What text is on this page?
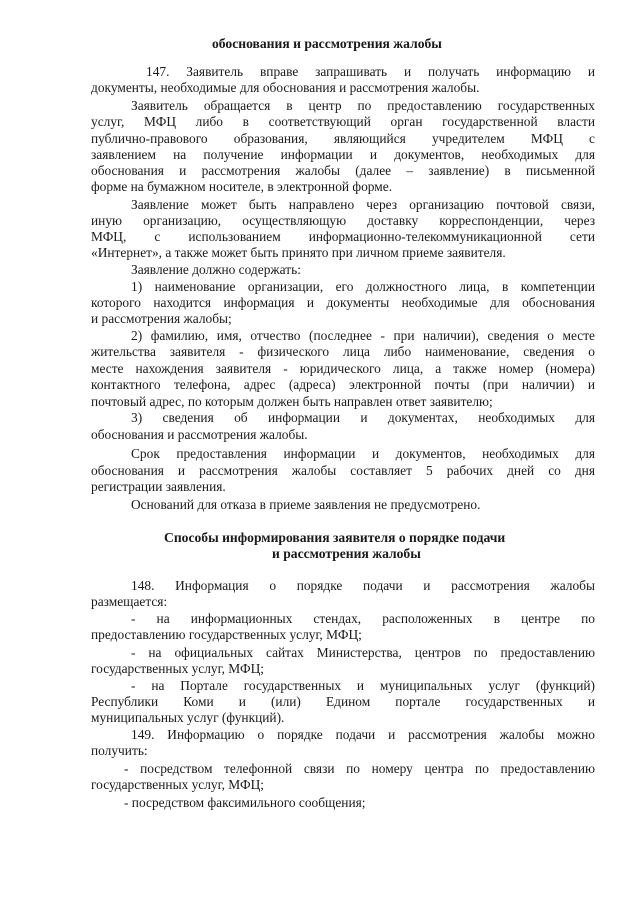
обоснования и рассмотрения жалобы
147. Заявитель вправе запрашивать и получать информацию и
документы, необходимые для обоснования и рассмотрения жалобы.
Заявитель обращается в центр по предоставлению государственных
услуг, МФЦ либо в соответствующий орган государственной власти
публично-правового образования, являющийся учредителем МФЦ с
заявлением на получение информации и документов, необходимых для
обоснования и рассмотрения жалобы (далее – заявление) в письменной
форме на бумажном носителе, в электронной форме.
Заявление может быть направлено через организацию почтовой связи,
иную организацию, осуществляющую доставку корреспонденции, через
МФЦ, с использованием информационно-телекоммуникационной сети
«Интернет», а также может быть принято при личном приеме заявителя.
Заявление должно содержать:
1) наименование организации, его должностного лица, в компетенции
которого находится информация и документы необходимые для обоснования
и рассмотрения жалобы;
2) фамилию, имя, отчество (последнее - при наличии), сведения о месте
жительства заявителя - физического лица либо наименование, сведения о
месте нахождения заявителя - юридического лица, а также номер (номера)
контактного телефона, адрес (адреса) электронной почты (при наличии) и
почтовый адрес, по которым должен быть направлен ответ заявителю;
3) сведения об информации и документах, необходимых для
обоснования и рассмотрения жалобы.
Срок предоставления информации и документов, необходимых для
обоснования и рассмотрения жалобы составляет 5 рабочих дней со дня
регистрации заявления.
Оснований для отказа в приеме заявления не предусмотрено.
Способы информирования заявителя о порядке подачи
и рассмотрения жалобы
148. Информация о порядке подачи и рассмотрения жалобы
размещается:
- на информационных стендах, расположенных в центре по
предоставлению государственных услуг, МФЦ;
- на официальных сайтах Министерства, центров по предоставлению
государственных услуг, МФЦ;
- на Портале государственных и муниципальных услуг (функций)
Республики Коми и (или) Едином портале государственных и
муниципальных услуг (функций).
149. Информацию о порядке подачи и рассмотрения жалобы можно
получить:
- посредством телефонной связи по номеру центра по предоставлению
государственных услуг, МФЦ;
- посредством факсимильного сообщения;
